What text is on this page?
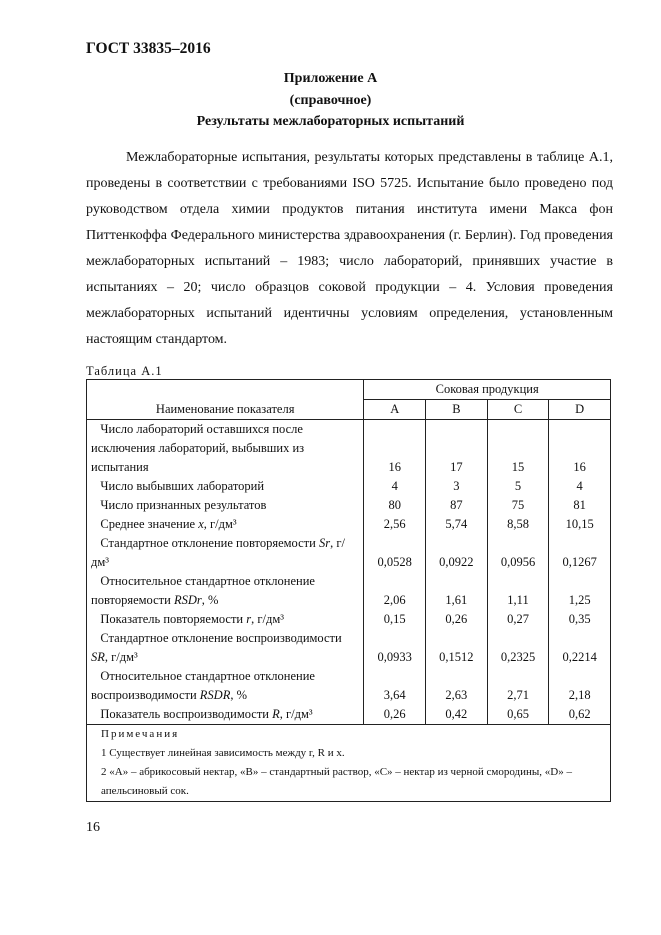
ГОСТ 33835–2016
Приложение А
(справочное)
Результаты межлабораторных испытаний
Межлабораторные испытания, результаты которых представлены в таблице А.1, проведены в соответствии с требованиями ISO 5725. Испытание было проведено под руководством отдела химии продуктов питания института имени Макса фон Питтенкоффа Федерального министерства здравоохранения (г. Берлин). Год проведения межлабораторных испытаний – 1983; число лабораторий, принявших участие в испытаниях – 20; число образцов соковой продукции – 4. Условия проведения межлабораторных испытаний идентичны условиям определения, установленным настоящим стандартом.
Таблица А.1
Наименование показателя	Соковая продукция			
	A	B	C	D
Число лабораторий оставшихся после исключения лабораторий, выбывших из испытания	16	17	15	16
Число выбывших лабораторий	4	3	5	4
Число признанных результатов	80	87	75	81
Среднее значение x, г/дм³	2,56	5,74	8,58	10,15
Стандартное отклонение повторяемости Sr, г/дм³	0,0528	0,0922	0,0956	0,1267
Относительное стандартное отклонение повторяемости RSDr, %	2,06	1,61	1,11	1,25
Показатель повторяемости r, г/дм³	0,15	0,26	0,27	0,35
Стандартное отклонение воспроизводимости SR, г/дм³	0,0933	0,1512	0,2325	0,2214
Относительное стандартное отклонение воспроизводимости RSDR, %	3,64	2,63	2,71	2,18
Показатель воспроизводимости R, г/дм³	0,26	0,42	0,65	0,62

Примечания
1 Существует линейная зависимость между r, R и x.
2 «А» – абрикосовый нектар, «В» – стандартный раствор, «С» – нектар из черной смородины, «D» – апельсиновый сок.				
16
